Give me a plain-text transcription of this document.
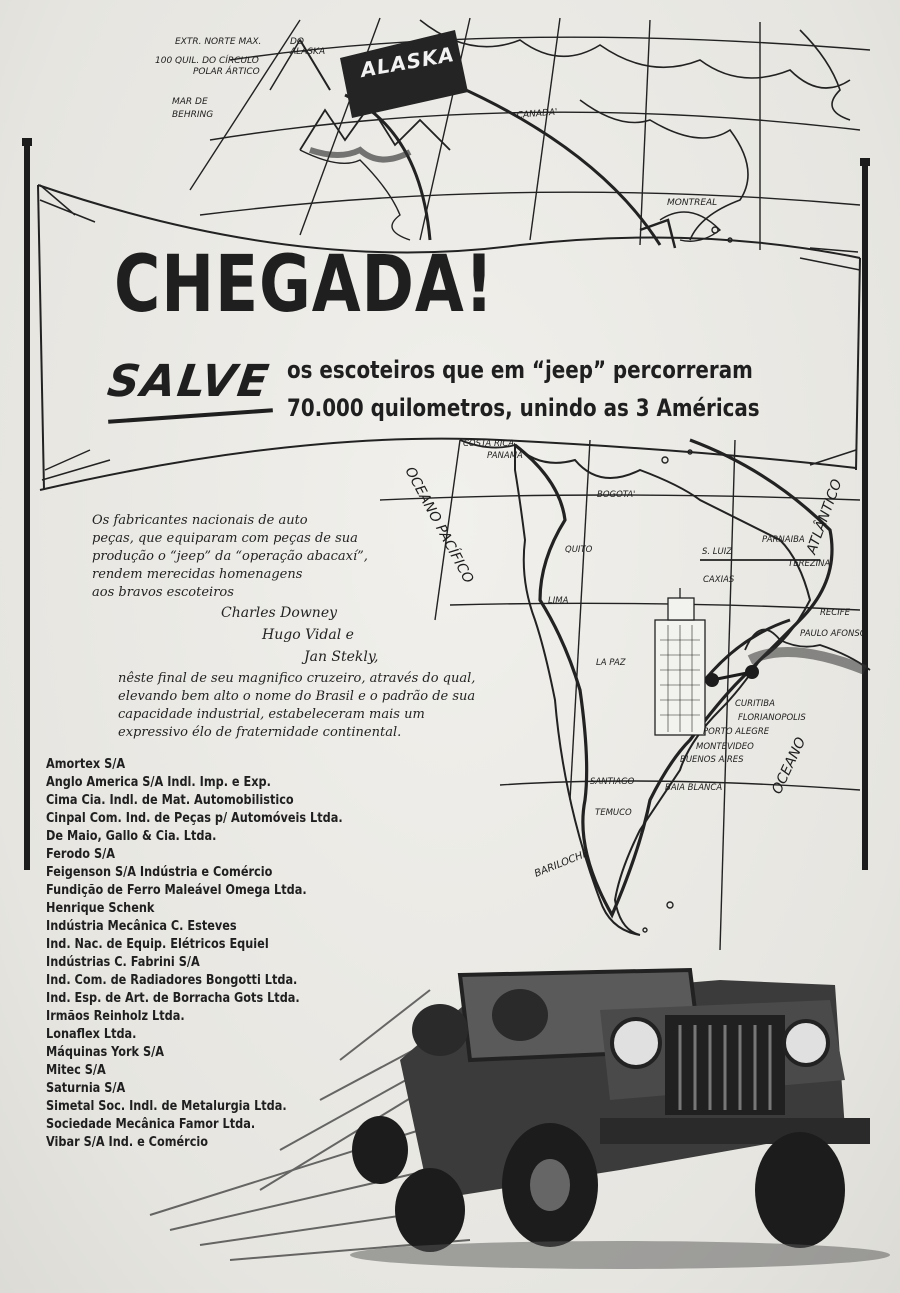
EXTR. NORTE MAX.	DO
ALASKA
100 QUIL. DO CÍRCULO
POLAR ÁRTICO
MAR DE
BEHRING	CANADA'
MONTREAL
COSTA RICA
PANAMA'
BOGOTA'
QUITO
LIMA
LA PAZ
S. LUIZ
PARNAIBA
TEREZINA
CAXIAS
RECIFE
PAULO AFONSO
CURITIBA
FLORIANOPOLIS
PORTO ALEGRE
MONTEVIDEO
BUENOS AIRES
SANTIAGO
TEMUCO
BAIA BLANCA
BARILOCHE
OCEANO PACÍFICO	ATLÂNTICO
OCEANO
ALASKA
CHEGADA!
SALVE os escoteiros que em “jeep” percorreram
70.000 quilometros, unindo as 3 Américas
Os fabricantes nacionais de auto
peças, que equiparam com peças de sua
produção o “jeep” da “operação abacaxí”,
rendem merecidas homenagens
aos bravos escoteiros
Charles Downey
Hugo Vidal e
Jan Stekly,
nêste final de seu magnifico cruzeiro, através do qual,
elevando bem alto o nome do Brasil e o padrão de sua
capacidade industrial, estabeleceram mais um
expressivo élo de fraternidade continental.
Amortex S/A
Anglo America S/A Indl. Imp. e Exp.
Cima Cia. Indl. de Mat. Automobilistico
Cinpal Com. Ind. de Peças p/ Automóveis Ltda.
De Maio, Gallo & Cia. Ltda.
Ferodo S/A
Feigenson S/A Indústria e Comércio
Fundição de Ferro Maleável Omega Ltda.
Henrique Schenk
Indústria Mecânica C. Esteves
Ind. Nac. de Equip. Elétricos Equiel
Indústrias C. Fabrini S/A
Ind. Com. de Radiadores Bongotti Ltda.
Ind. Esp. de Art. de Borracha Gots Ltda.
Irmãos Reinholz Ltda.
Lonaflex Ltda.
Máquinas York S/A
Mitec S/A
Saturnia S/A
Simetal Soc. Indl. de Metalurgia Ltda.
Sociedade Mecânica Famor Ltda.
Vibar S/A Ind. e Comércio
